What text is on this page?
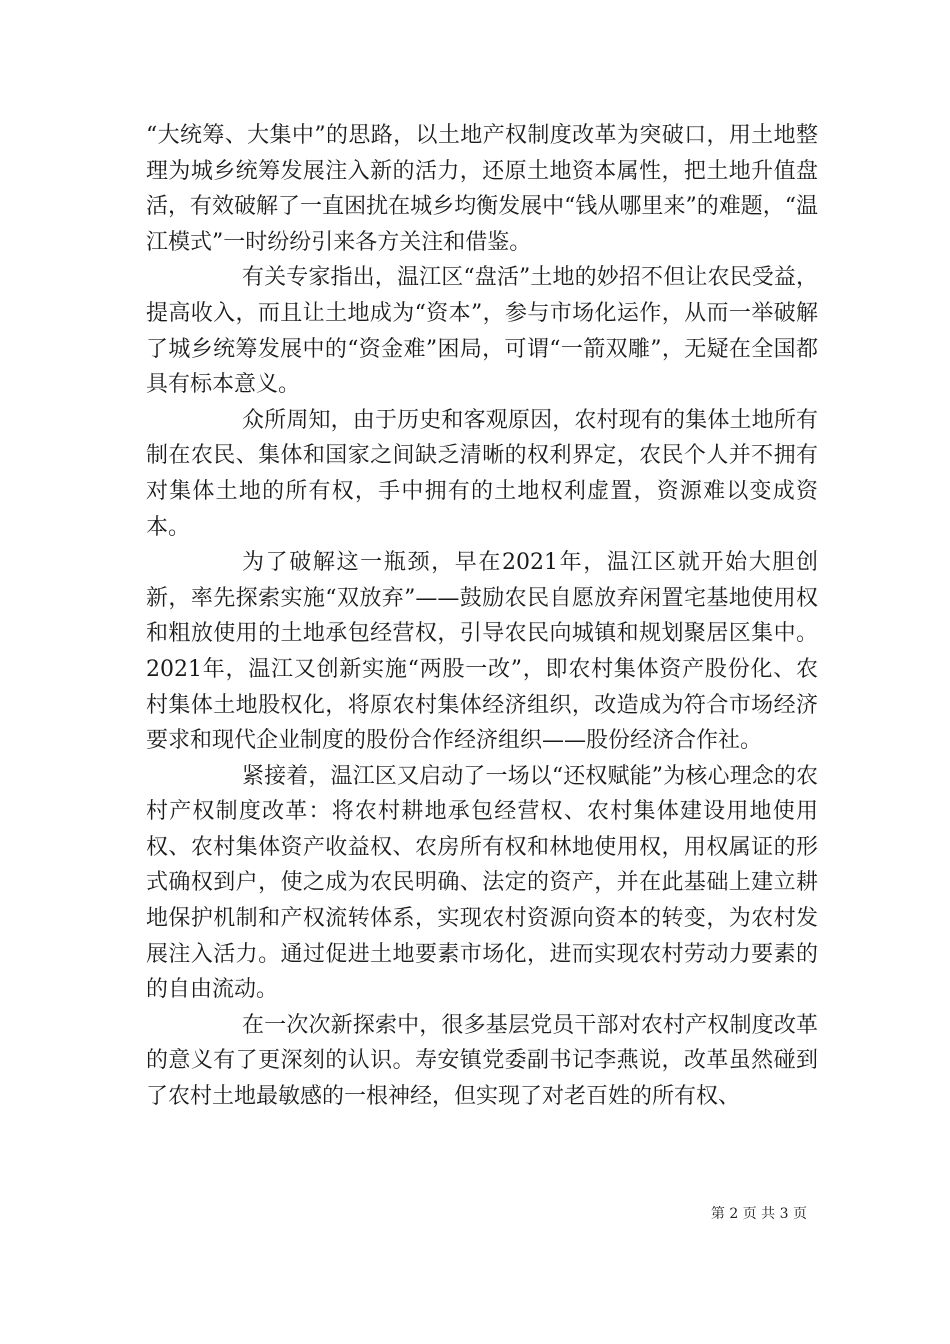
“大统筹、大集中”的思路，以土地产权制度改革为突破口，用土地整理为城乡统筹发展注入新的活力，还原土地资本属性，把土地升值盘活，有效破解了一直困扰在城乡均衡发展中“钱从哪里来”的难题，“温江模式”一时纷纷引来各方关注和借鉴。

有关专家指出，温江区“盘活”土地的妙招不但让农民受益，提高收入，而且让土地成为“资本”，参与市场化运作，从而一举破解了城乡统筹发展中的“资金难”困局，可谓“一箭双雕”，无疑在全国都具有标本意义。

众所周知，由于历史和客观原因，农村现有的集体土地所有制在农民、集体和国家之间缺乏清晰的权利界定，农民个人并不拥有对集体土地的所有权，手中拥有的土地权利虚置，资源难以变成资本。

为了破解这一瓶颈，早在2021年，温江区就开始大胆创新，率先探索实施“双放弃”——鼓励农民自愿放弃闲置宅基地使用权和粗放使用的土地承包经营权，引导农民向城镇和规划聚居区集中。2021年，温江又创新实施“两股一改”，即农村集体资产股份化、农村集体土地股权化，将原农村集体经济组织，改造成为符合市场经济要求和现代企业制度的股份合作经济组织——股份经济合作社。

紧接着，温江区又启动了一场以“还权赋能”为核心理念的农村产权制度改革：将农村耕地承包经营权、农村集体建设用地使用权、农村集体资产收益权、农房所有权和林地使用权，用权属证的形式确权到户，使之成为农民明确、法定的资产，并在此基础上建立耕地保护机制和产权流转体系，实现农村资源向资本的转变，为农村发展注入活力。通过促进土地要素市场化，进而实现农村劳动力要素的的自由流动。

在一次次新探索中，很多基层党员干部对农村产权制度改革的意义有了更深刻的认识。寿安镇党委副书记李燕说，改革虽然碰到了农村土地最敏感的一根神经，但实现了对老百姓的所有权、

第 2 页 共 3 页
